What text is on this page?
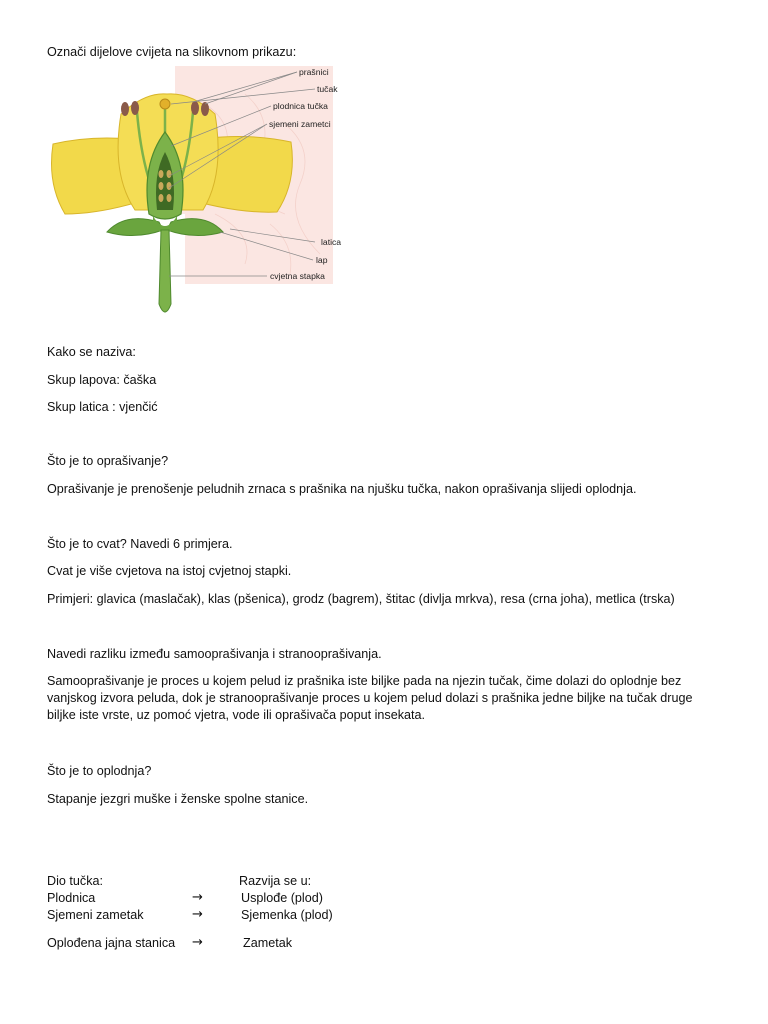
Označi dijelove cvijeta na slikovnom prikazu:

prašnici
tučak
plodnica tučka
sjemeni zametci
latica
lap
cvjetna stapka

Kako se naziva:

Skup lapova: čaška

Skup latica : vjenčić

Što je to oprašivanje?

Oprašivanje je prenošenje peludnih zrnaca s prašnika na njušku tučka, nakon oprašivanja slijedi oplodnja.

Što je to cvat? Navedi 6 primjera.

Cvat je više cvjetova na istoj cvjetnoj stapki.

Primjeri: glavica (maslačak), klas (pšenica), grodz (bagrem), štitac (divlja mrkva), resa (crna joha), metlica (trska)

Navedi razliku između samooprašivanja i stranooprašivanja.

Samooprašivanje je proces u kojem pelud iz prašnika iste biljke pada na njezin tučak, čime dolazi do oplodnje bez vanjskog izvora peluda, dok je stranooprašivanje proces u kojem pelud dolazi s prašnika jedne biljke na tučak druge biljke iste vrste, uz pomoć vjetra, vode ili oprašivača poput insekata.

Što je to oplodnja?

Stapanje jezgri muške i ženske spolne stanice.

Dio tučka:	Razvija se u:

Plodnica	→	Usplođe (plod)

Sjemeni zametak	→	Sjemenka (plod)

Oplođena jajna stanica →	Zametak
